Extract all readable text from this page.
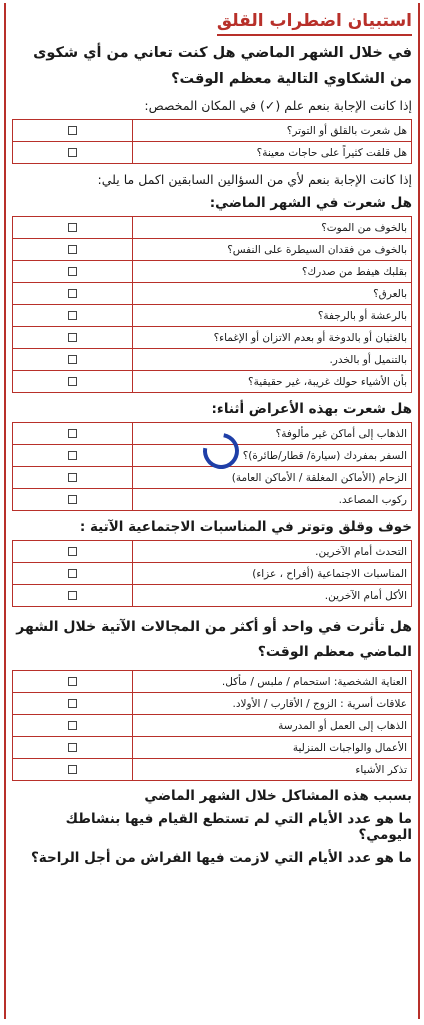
استبيان اضطراب القلق
في خلال الشهر الماضي هل كنت تعاني من أي شكوى من الشكاوي التالية معظم الوقت؟
إذا كانت الإجابة بنعم علم (✓) في المكان المخصص:
هل شعرت بالقلق أو التوتر؟	
هل قلقت كثيراً على حاجات معينة؟	
إذا كانت الإجابة بنعم لأي من السؤالين السابقين اكمل ما يلي:
هل شعرت في الشهر الماضي:
بالخوف من الموت؟	
بالخوف من فقدان السيطرة على النفس؟	
بقلبك هيفط من صدرك؟	
بالعرق؟	
بالرعشة أو بالرجفة؟	
بالغثيان أو بالدوخة أو بعدم الاتزان أو الإغماء؟	
بالتنميل أو بالخدر.	
بأن الأشياء حولك غريبة، غير حقيقية؟	
هل شعرت بهذه الأعراض أثناء:
الذهاب إلى أماكن غير مألوفة؟	
السفر بمفردك (سيارة/ قطار/طائرة)؟	
الزحام (الأماكن المغلقة / الأماكن العامة)	
ركوب المصاعد.	
خوف وقلق وتوتر في المناسبات الاجتماعية الآتية :
التحدث أمام الآخرين.	
المناسبات الاجتماعية (أفراح ، عزاء)	
الأكل أمام الآخرين.	
هل تأثرت في واحد أو أكثر من المجالات الآتية خلال الشهر الماضي معظم الوقت؟
العناية الشخصية: استحمام / ملبس / مأكل.	
علاقات أسرية : الزوج / الأقارب / الأولاد.	
الذهاب إلى العمل أو المدرسة	
الأعمال والواجبات المنزلية	
تذكر الأشياء	
بسبب هذه المشاكل خلال الشهر الماضي
ما هو عدد الأيام التي لم تستطع القيام فيها بنشاطك اليومي؟
ما هو عدد الأيام التي لازمت فيها الفراش من أجل الراحة؟
